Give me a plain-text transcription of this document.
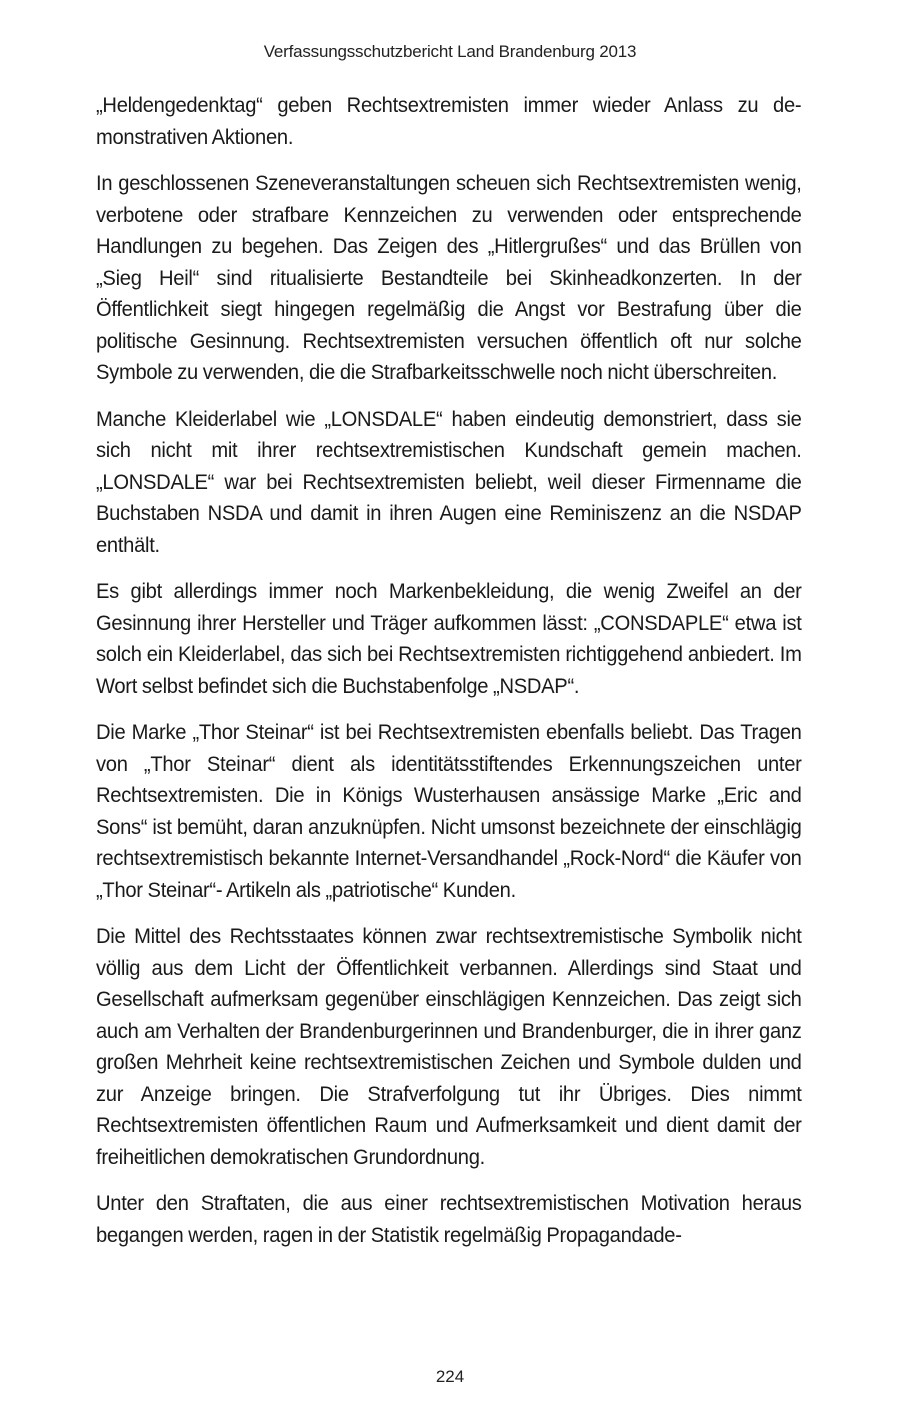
Verfassungsschutzbericht Land Brandenburg 2013

„Heldengedenktag“ geben Rechtsextremisten immer wieder Anlass zu demonstrativen Aktionen.

In geschlossenen Szeneveranstaltungen scheuen sich Rechtsextremisten wenig, verbotene oder strafbare Kennzeichen zu verwenden oder entsprechende Handlungen zu begehen. Das Zeigen des „Hitlergrußes“ und das Brüllen von „Sieg Heil“ sind ritualisierte Bestandteile bei Skinheadkonzerten. In der Öffentlichkeit siegt hingegen regelmäßig die Angst vor Bestrafung über die politische Gesinnung. Rechtsextremisten versuchen öffentlich oft nur solche Symbole zu verwenden, die die Strafbarkeitsschwelle noch nicht überschreiten.

Manche Kleiderlabel wie „LONSDALE“ haben eindeutig demonstriert, dass sie sich nicht mit ihrer rechtsextremistischen Kundschaft gemein machen. „LONSDALE“ war bei Rechtsextremisten beliebt, weil dieser Firmenname die Buchstaben NSDA und damit in ihren Augen eine Reminiszenz an die NSDAP enthält.

Es gibt allerdings immer noch Markenbekleidung, die wenig Zweifel an der Gesinnung ihrer Hersteller und Träger aufkommen lässt: „CONSDAPLE“ etwa ist solch ein Kleiderlabel, das sich bei Rechtsextremisten richtiggehend anbiedert. Im Wort selbst befindet sich die Buchstabenfolge „NSDAP“.

Die Marke „Thor Steinar“ ist bei Rechtsextremisten ebenfalls beliebt. Das Tragen von „Thor Steinar“ dient als identitätsstiftendes Erkennungszeichen unter Rechtsextremisten. Die in Königs Wusterhausen ansässige Marke „Eric and Sons“ ist bemüht, daran anzuknüpfen. Nicht umsonst bezeichnete der einschlägig rechtsextremistisch bekannte Internet-Versandhandel „Rock-Nord“ die Käufer von „Thor Steinar“- Artikeln als „patriotische“ Kunden.

Die Mittel des Rechtsstaates können zwar rechtsextremistische Symbolik nicht völlig aus dem Licht der Öffentlichkeit verbannen. Allerdings sind Staat und Gesellschaft aufmerksam gegenüber einschlägigen Kennzeichen. Das zeigt sich auch am Verhalten der Brandenburgerinnen und Brandenburger, die in ihrer ganz großen Mehrheit keine rechtsextremistischen Zeichen und Symbole dulden und zur Anzeige bringen. Die Strafverfolgung tut ihr Übriges. Dies nimmt Rechtsextremisten öffentlichen Raum und Aufmerksamkeit und dient damit der freiheitlichen demokratischen Grundordnung.

Unter den Straftaten, die aus einer rechtsextremistischen Motivation heraus begangen werden, ragen in der Statistik regelmäßig Propagandade-

224
